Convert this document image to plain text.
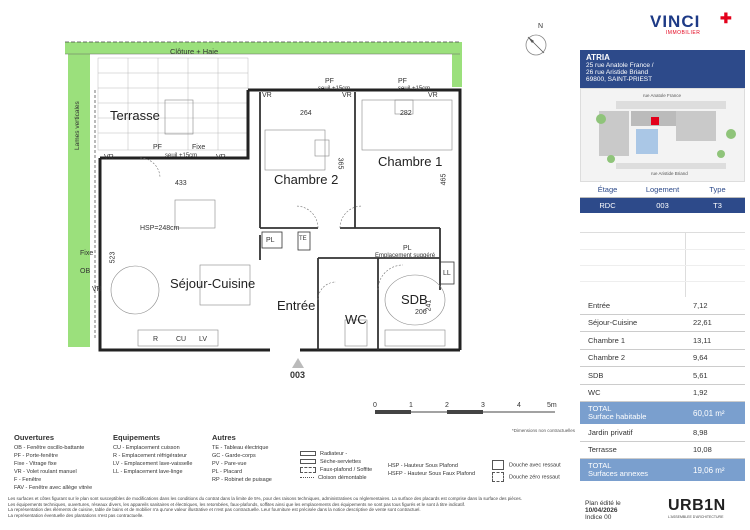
N
Clôture + Haie
Lames verticales Terrasse
Chambre 2
Chambre 1
Séjour-Cuisine
Entrée
WC
SDB
HSP=248cm
PF	PF
VR	VR	VR
seuil +15cm	seuil +15cm
PF	Fixe
VR	VR
seuil +15cm
Fixe
OB
VR
264	282
365
465
433
523
206
241
PL	TE
PL
Emplacement suggéré
LL
R	CU LV
003
0	1	2	3	4	5m
VINCI ✚
IMMOBILIER
ATRIA
25 rue Anatole France /
26 rue Aristide Briand
69800, SAINT-PRIEST
rue Anatole France
rue Aristide Briand
Étage	Logement	Type
RDC	003	T3
Entrée	7,12
Séjour-Cuisine	22,61
Chambre 1	13,11
Chambre 2	9,64
SDB	5,61
WC	1,92
TOTAL
Surface habitable	60,01 m²
Jardin privatif	8,98
Terrasse	10,08
TOTAL
Surfaces annexes	19,06 m²
Ouvertures
OB - Fenêtre oscillo-battante
PF - Porte-fenêtre
Fixe - Vitrage fixe
VR - Volet roulant manuel
F - Fenêtre
FAV - Fenêtre avec allège vitrée
Equipements
CU - Emplacement cuisson
R - Emplacement réfrigérateur
LV - Emplacement lave-vaisselle
LL - Emplacement lave-linge
Autres
TE - Tableau électrique
GC - Garde-corps
PV - Pare-vue
PL - Placard
RP - Robinet de puisage
Radiateur -
Sèche-serviettes
Faux-plafond / Soffite
Cloison démontable
HSP - Hauteur Sous Plafond
HSFP - Hauteur Sous Faux Plafond
Douche avec ressaut
Douche zéro ressaut
*Dimensions non contractuelles
Les surfaces et côtes figurant sur le plan sont susceptibles de modifications dans les conditions du contrat dans la limite de 5%, pour des raisons techniques, administratives ou réglementaires. La surface des placards est comprise dans la surface des pièces.
Les équipements techniques, ouvertures, réseaux divers, les appareils sanitaires et électriques, les retombées, faux-plafonds, soffites ainsi que les emplacements des équipements ne sont pas tous figurés et le sont à titre indicatif.
La représentation des éléments de cuisine, table de bains et de mobilier n'a qu'une valeur illustrative et n'est pas contractuelle. Leur fourniture est précisée dans la notice descriptive de vente sont contractuel.
La représentation éventuelle des plantations n'est pas contractuelle.
Plan édité le
10/04/2026
Indice 00
URB1N
L'ASSEMBLEE D'ARCHITECTURE
